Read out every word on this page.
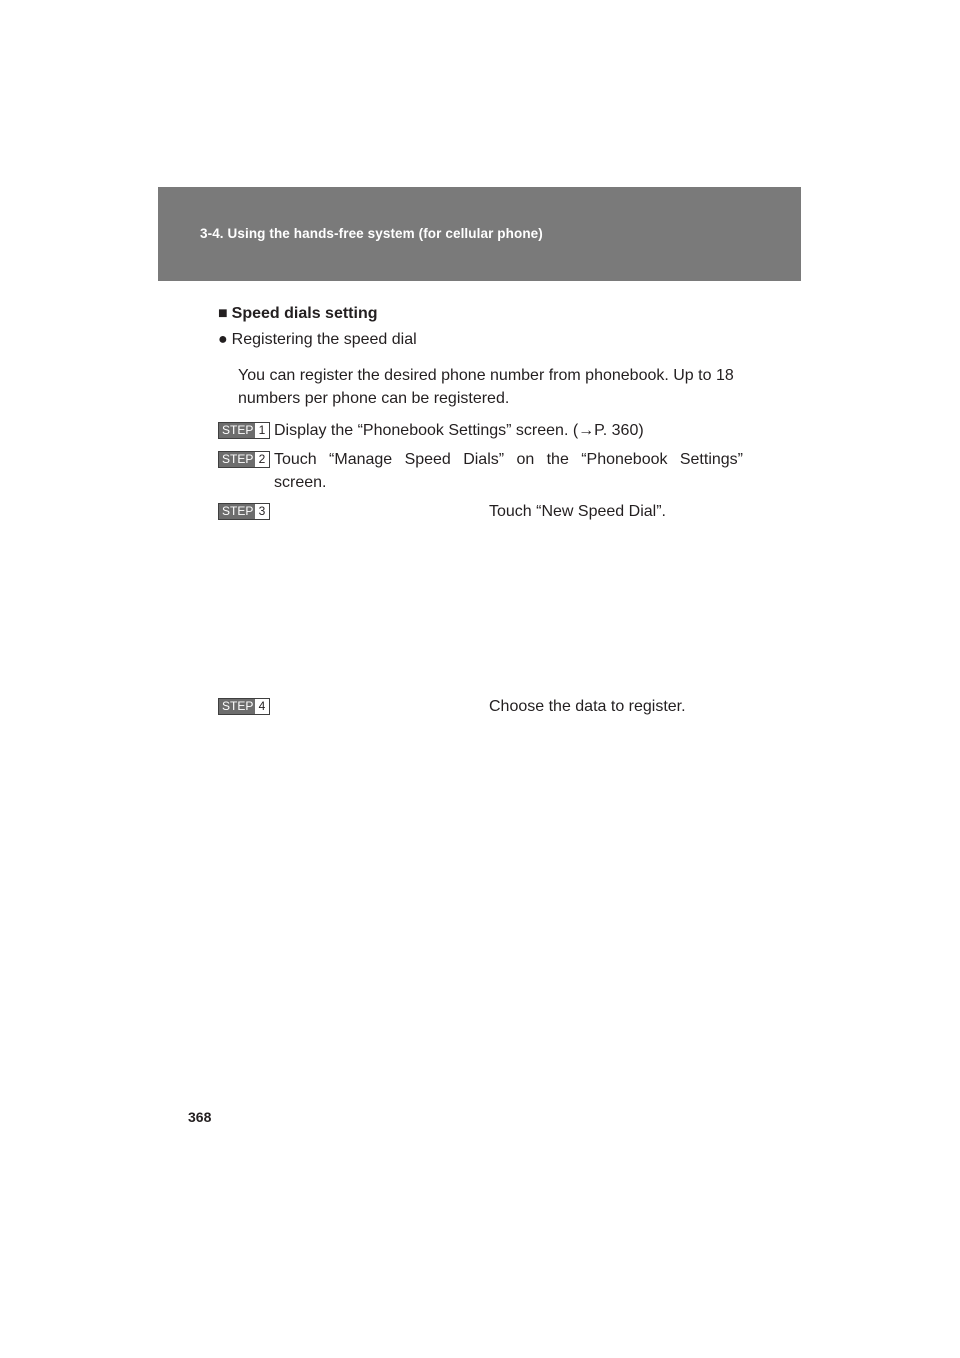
3-4. Using the hands-free system (for cellular phone)
■ Speed dials setting
● Registering the speed dial
You can register the desired phone number from phonebook. Up to 18 numbers per phone can be registered.
STEP 1 Display the “Phonebook Settings” screen. (→P. 360)
STEP 2 Touch “Manage Speed Dials” on the “Phonebook Settings” screen.
STEP 3	Touch “New Speed Dial”.
STEP 4	Choose the data to register.
368
